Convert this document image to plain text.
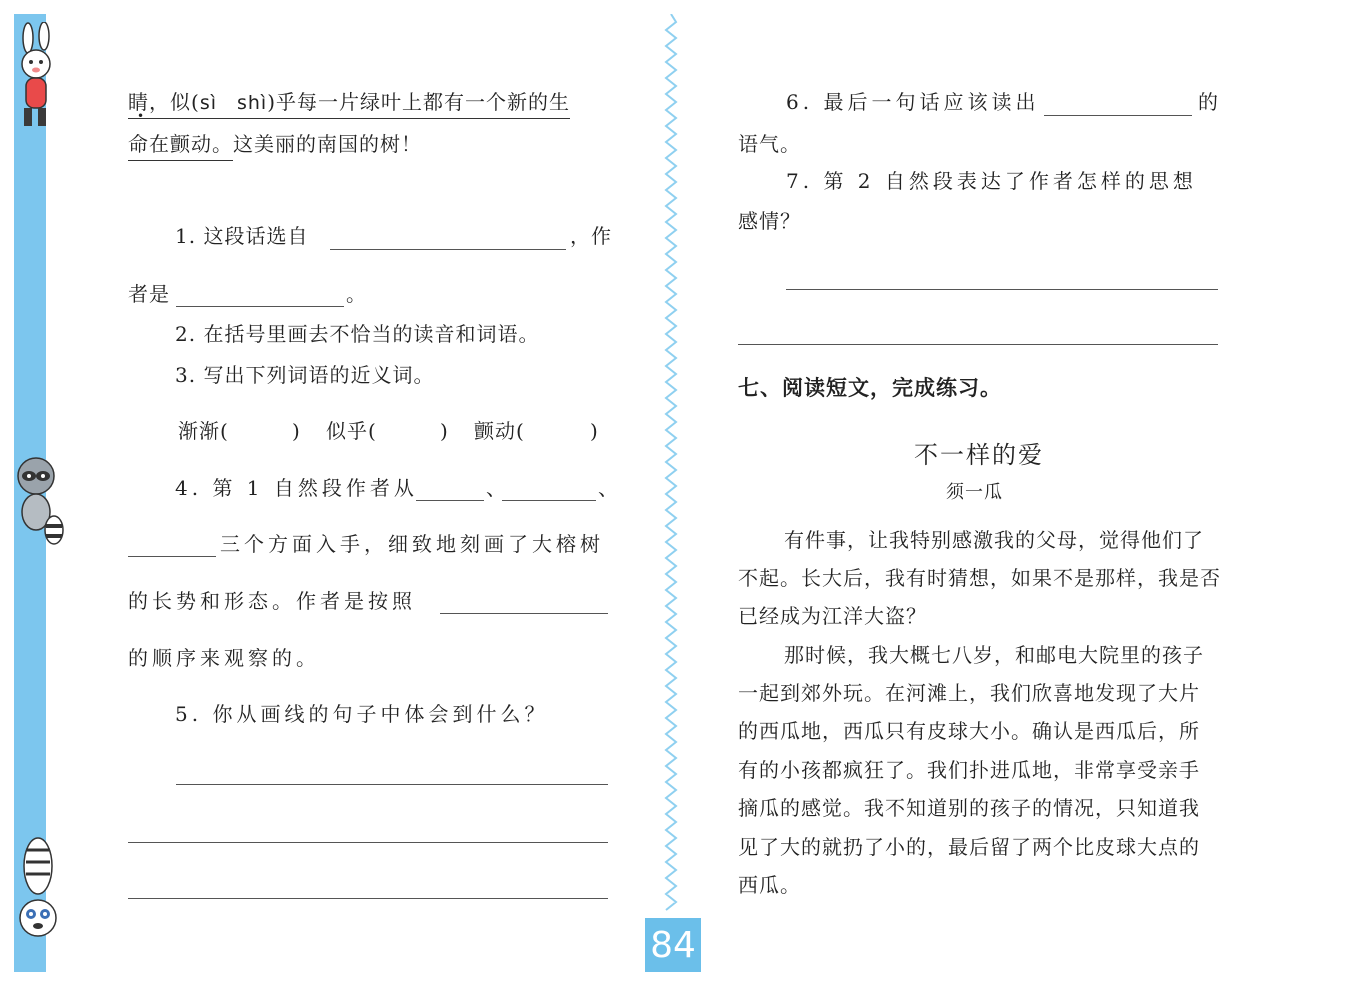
84
睛，似( •sì　shì)乎每一片绿叶上都有一个新的生
命在颤动。这美丽的南国的树！
1. 这段话选自	，作
者是	。
2. 在括号里画去不恰当的读音和词语。
3. 写出下列词语的近义词。
渐渐(	) 似乎(	) 颤动(	)
4. 第 1 自然段作者从	、	、
三个方面入手，细致地刻画了大榕树
的长势和形态。作者是按照
的顺序来观察的。
5. 你从画线的句子中体会到什么？
6. 最后一句话应该读出	的
语气。
7. 第 2 自然段表达了作者怎样的思想
感情？
七、阅读短文，完成练习。
不一样的爱
须一瓜
有件事，让我特别感激我的父母，觉得他们了
不起。长大后，我有时猜想，如果不是那样，我是否
已经成为江洋大盗？
那时候，我大概七八岁，和邮电大院里的孩子
一起到郊外玩。在河滩上，我们欣喜地发现了大片
的西瓜地，西瓜只有皮球大小。确认是西瓜后，所
有的小孩都疯狂了。我们扑进瓜地，非常享受亲手
摘瓜的感觉。我不知道别的孩子的情况，只知道我
见了大的就扔了小的，最后留了两个比皮球大点的
西瓜。
